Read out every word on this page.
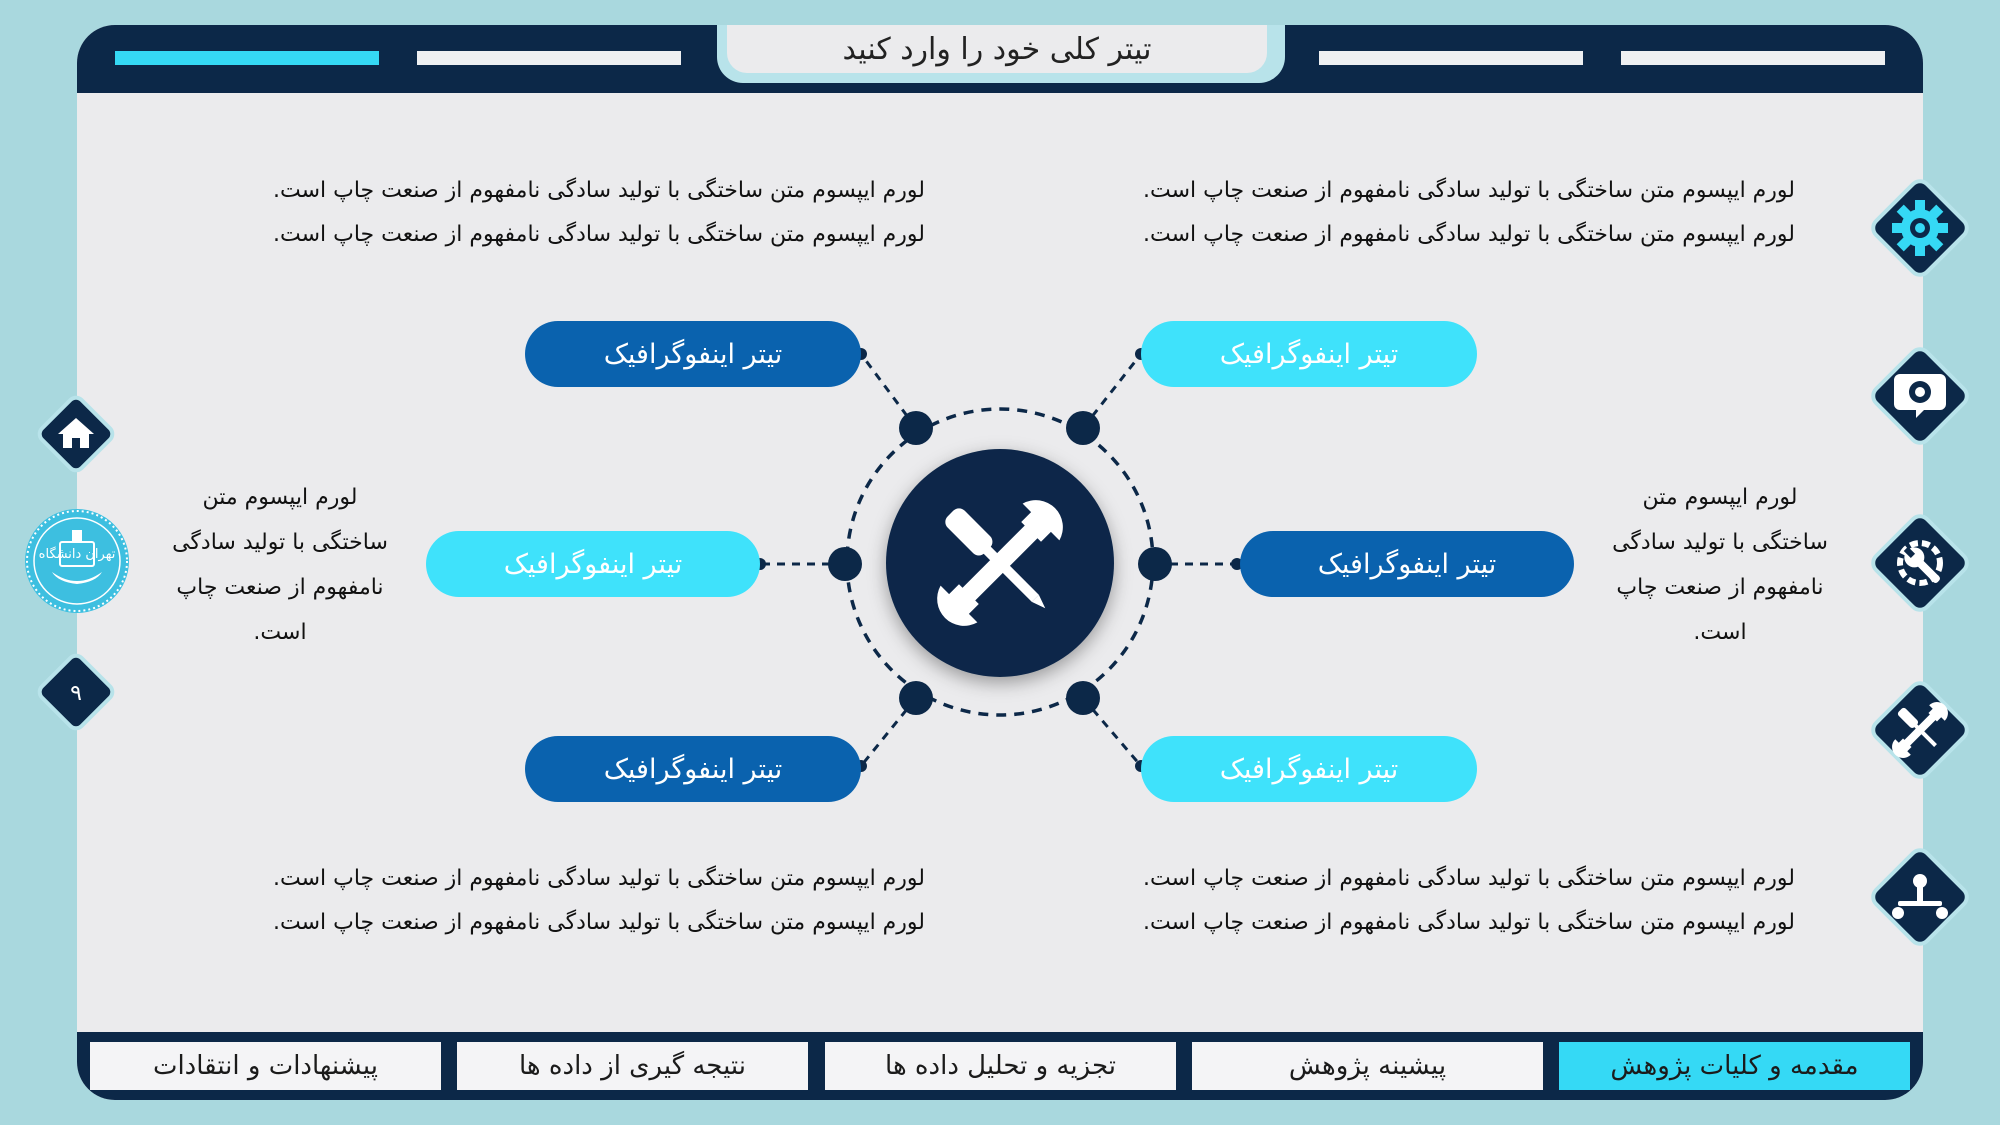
تیتر کلی خود را وارد کنید
مقدمه و کلیات پژوهش
پیشینه پژوهش
تجزیه و تحلیل داده ها
نتیجه گیری از داده ها
پیشنهادات و انتقادات
لورم ایپسوم متن ساختگی با تولید سادگی نامفهوم از صنعت چاپ است.
لورم ایپسوم متن ساختگی با تولید سادگی نامفهوم از صنعت چاپ است.
لورم ایپسوم متن ساختگی با تولید سادگی نامفهوم از صنعت چاپ است.
لورم ایپسوم متن ساختگی با تولید سادگی نامفهوم از صنعت چاپ است.
لورم ایپسوم متن ساختگی با تولید سادگی نامفهوم از صنعت چاپ است.
لورم ایپسوم متن ساختگی با تولید سادگی نامفهوم از صنعت چاپ است.
لورم ایپسوم متن ساختگی با تولید سادگی نامفهوم از صنعت چاپ است.
لورم ایپسوم متن ساختگی با تولید سادگی نامفهوم از صنعت چاپ است.
لورم ایپسوم متن
ساختگی با تولید سادگی
نامفهوم از صنعت چاپ
است.
لورم ایپسوم متن
ساختگی با تولید سادگی
نامفهوم از صنعت چاپ
است.
تیتر اینفوگرافیک	تیتر اینفوگرافیک
تیتر اینفوگرافیک	تیتر اینفوگرافیک
تیتر اینفوگرافیک	تیتر اینفوگرافیک
تهران دانشگاه
۹
